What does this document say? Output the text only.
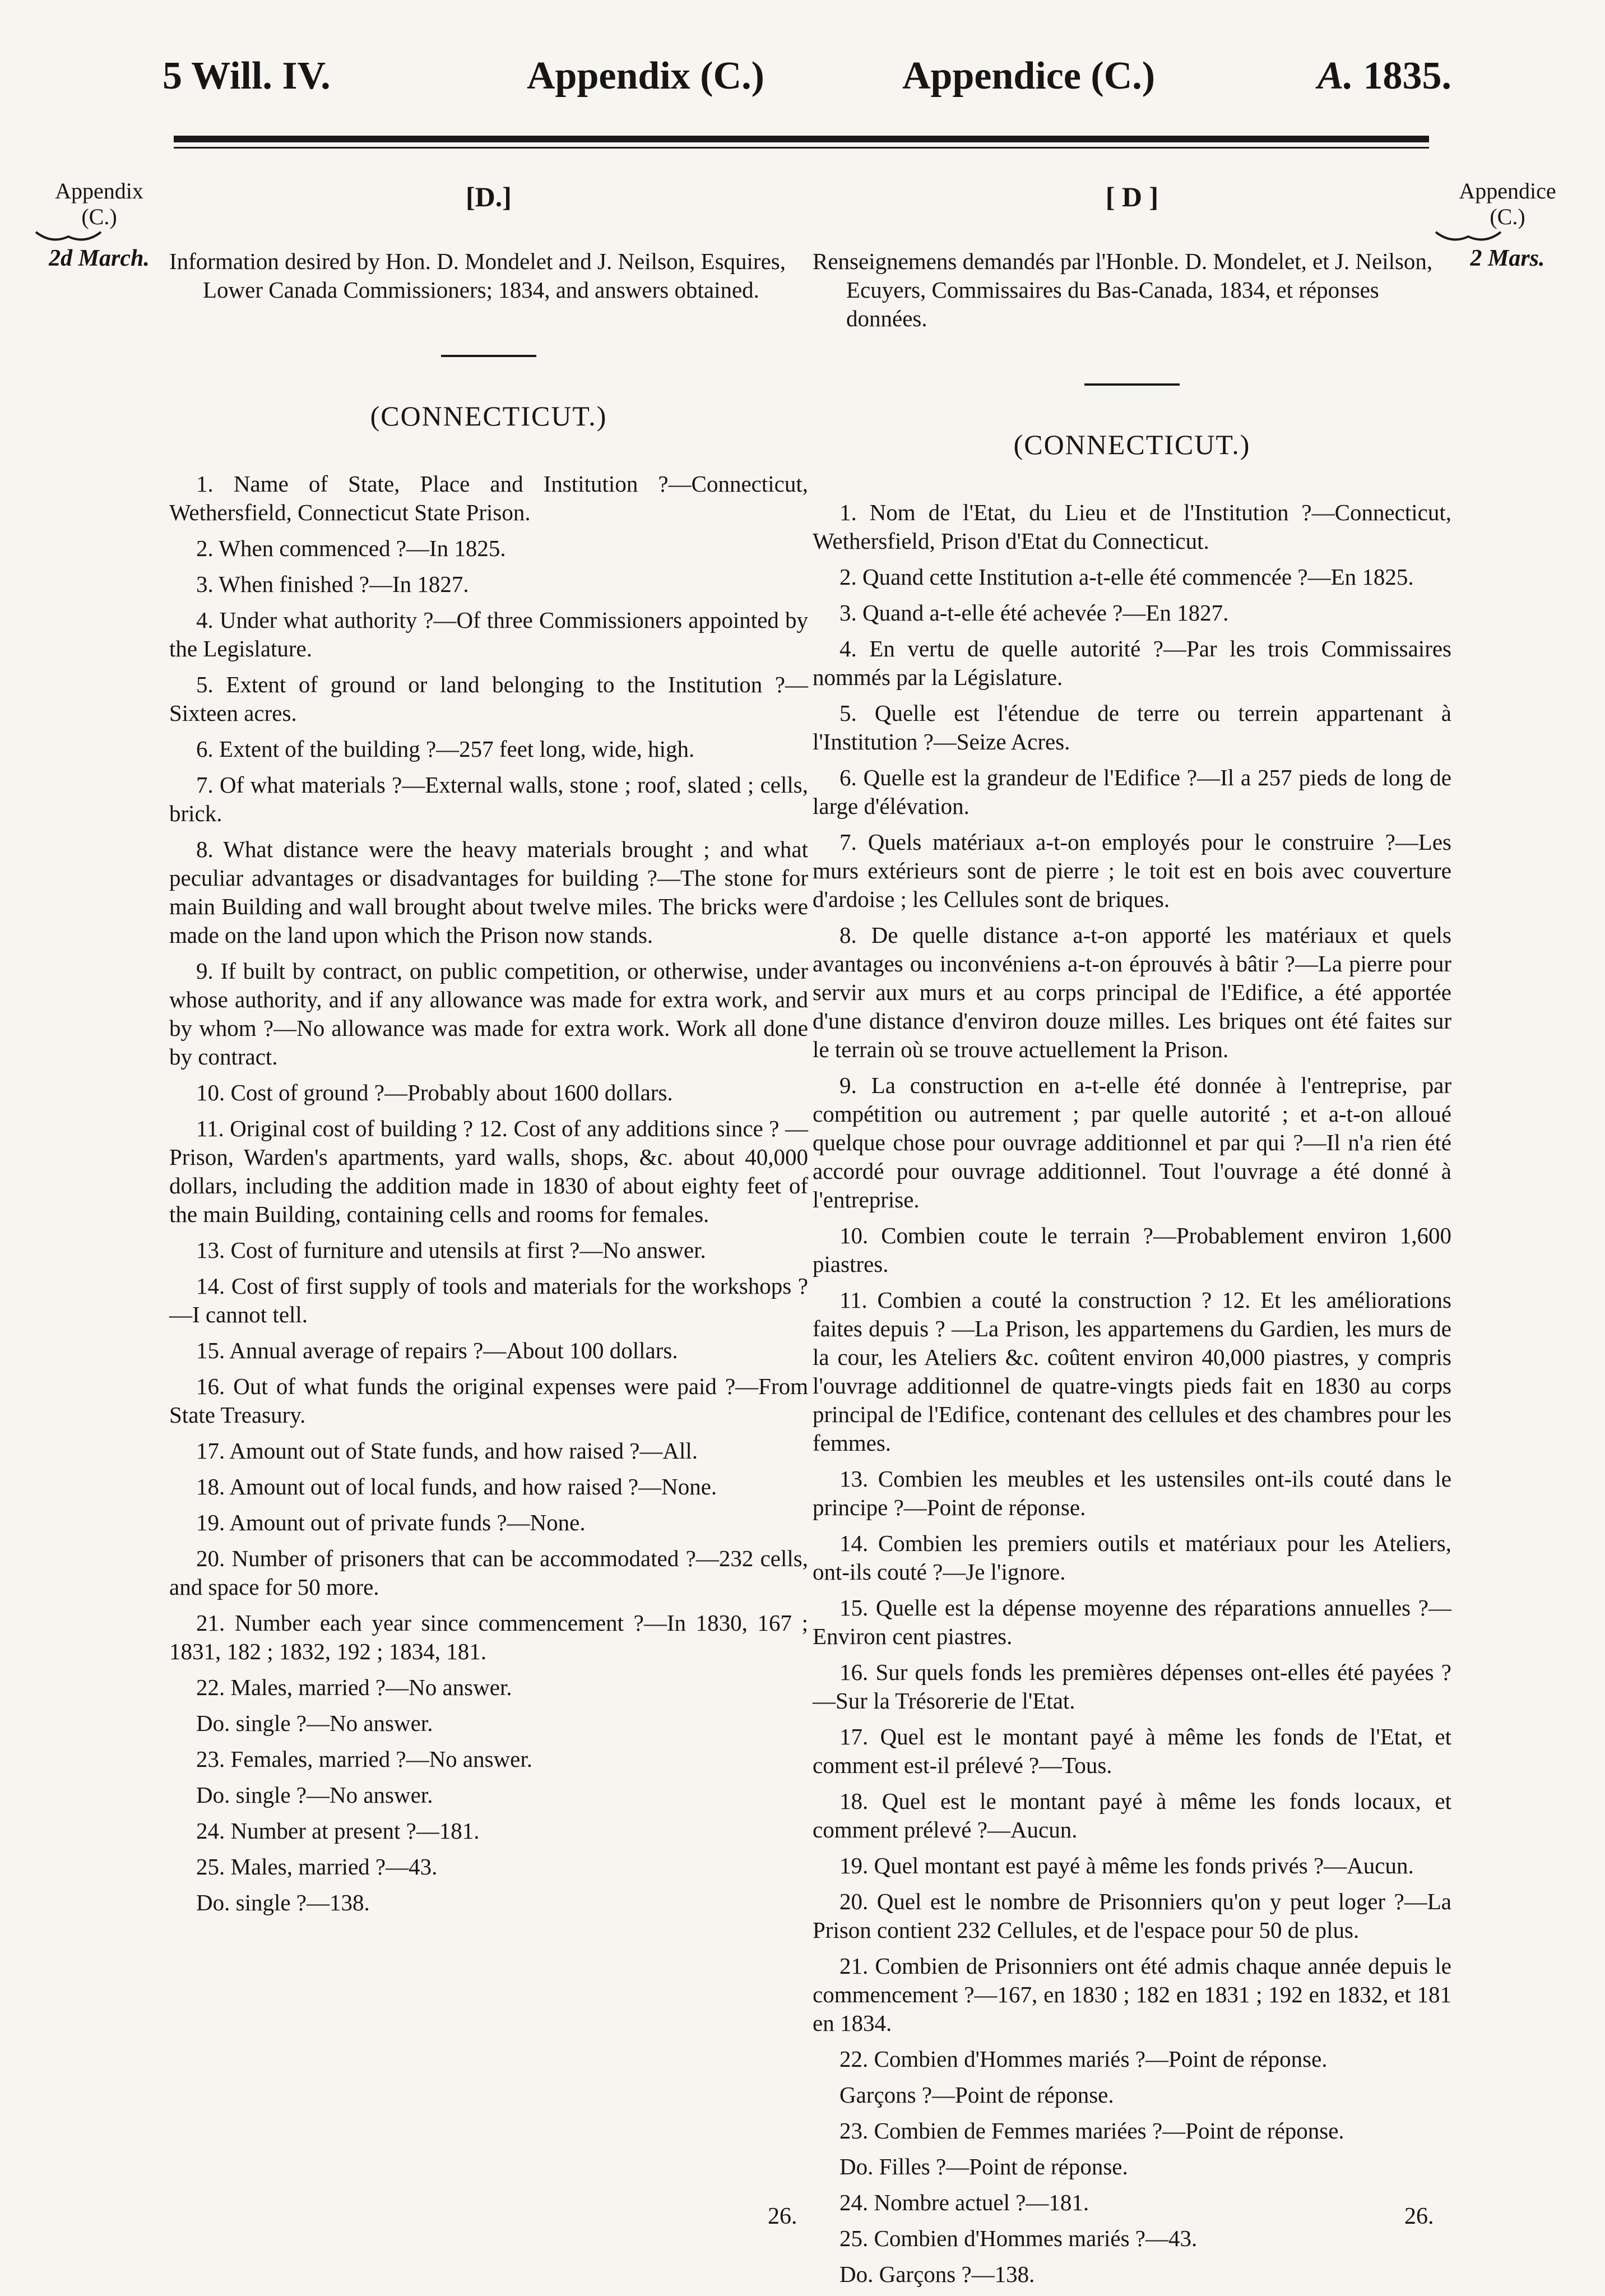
5 Will. IV.	Appendix (C.)	Appendice (C.)	A. 1835.
Appendix
(C.)
2d March.
Appendice
(C.)
2 Mars.
[D.]

Information desired by Hon. D. Mondelet and J. Neilson, Esquires, Lower Canada Commissioners; 1834, and answers obtained.

(CONNECTICUT.)

1. Name of State, Place and Institution ?—Connecticut, Wethersfield, Connecticut State Prison.

2. When commenced ?—In 1825.

3. When finished ?—In 1827.

4. Under what authority ?—Of three Commissioners appointed by the Legislature.

5. Extent of ground or land belonging to the Institution ?—Sixteen acres.

6. Extent of the building ?—257 feet long, wide, high.

7. Of what materials ?—External walls, stone ; roof, slated ; cells, brick.

8. What distance were the heavy materials brought ; and what peculiar advantages or disadvantages for building ?—The stone for main Building and wall brought about twelve miles. The bricks were made on the land upon which the Prison now stands.

9. If built by contract, on public competition, or otherwise, under whose authority, and if any allowance was made for extra work, and by whom ?—No allowance was made for extra work. Work all done by contract.

10. Cost of ground ?—Probably about 1600 dollars.

11. Original cost of building ? 12. Cost of any additions since ? —Prison, Warden's apartments, yard walls, shops, &c. about 40,000 dollars, including the addition made in 1830 of about eighty feet of the main Building, containing cells and rooms for females.

13. Cost of furniture and utensils at first ?—No answer.

14. Cost of first supply of tools and materials for the workshops ?—I cannot tell.

15. Annual average of repairs ?—About 100 dollars.

16. Out of what funds the original expenses were paid ?—From State Treasury.

17. Amount out of State funds, and how raised ?—All.

18. Amount out of local funds, and how raised ?—None.

19. Amount out of private funds ?—None.

20. Number of prisoners that can be accommodated ?—232 cells, and space for 50 more.

21. Number each year since commencement ?—In 1830, 167 ; 1831, 182 ; 1832, 192 ; 1834, 181.

22. Males, married ?—No answer.

Do. single ?—No answer.

23. Females, married ?—No answer.

Do. single ?—No answer.

24. Number at present ?—181.

25. Males, married ?—43.

Do. single ?—138.

[ D ]

Renseignemens demandés par l'Honble. D. Mondelet, et J. Neilson, Ecuyers, Commissaires du Bas-Canada, 1834, et réponses données.

(CONNECTICUT.)

1. Nom de l'Etat, du Lieu et de l'Institution ?—Connecticut, Wethersfield, Prison d'Etat du Connecticut.

2. Quand cette Institution a-t-elle été commencée ?—En 1825.

3. Quand a-t-elle été achevée ?—En 1827.

4. En vertu de quelle autorité ?—Par les trois Commissaires nommés par la Législature.

5. Quelle est l'étendue de terre ou terrein appartenant à l'Institution ?—Seize Acres.

6. Quelle est la grandeur de l'Edifice ?—Il a 257 pieds de long de large d'élévation.

7. Quels matériaux a-t-on employés pour le construire ?—Les murs extérieurs sont de pierre ; le toit est en bois avec couverture d'ardoise ; les Cellules sont de briques.

8. De quelle distance a-t-on apporté les matériaux et quels avantages ou inconvéniens a-t-on éprouvés à bâtir ?—La pierre pour servir aux murs et au corps principal de l'Edifice, a été apportée d'une distance d'environ douze milles. Les briques ont été faites sur le terrain où se trouve actuellement la Prison.

9. La construction en a-t-elle été donnée à l'entreprise, par compétition ou autrement ; par quelle autorité ; et a-t-on alloué quelque chose pour ouvrage additionnel et par qui ?—Il n'a rien été accordé pour ouvrage additionnel. Tout l'ouvrage a été donné à l'entreprise.

10. Combien coute le terrain ?—Probablement environ 1,600 piastres.

11. Combien a couté la construction ? 12. Et les améliorations faites depuis ? —La Prison, les appartemens du Gardien, les murs de la cour, les Ateliers &c. coûtent environ 40,000 piastres, y compris l'ouvrage additionnel de quatre-vingts pieds fait en 1830 au corps principal de l'Edifice, contenant des cellules et des chambres pour les femmes.

13. Combien les meubles et les ustensiles ont-ils couté dans le principe ?—Point de réponse.

14. Combien les premiers outils et matériaux pour les Ateliers, ont-ils couté ?—Je l'ignore.

15. Quelle est la dépense moyenne des réparations annuelles ?—Environ cent piastres.

16. Sur quels fonds les premières dépenses ont-elles été payées ?—Sur la Trésorerie de l'Etat.

17. Quel est le montant payé à même les fonds de l'Etat, et comment est-il prélevé ?—Tous.

18. Quel est le montant payé à même les fonds locaux, et comment prélevé ?—Aucun.

19. Quel montant est payé à même les fonds privés ?—Aucun.

20. Quel est le nombre de Prisonniers qu'on y peut loger ?—La Prison contient 232 Cellules, et de l'espace pour 50 de plus.

21. Combien de Prisonniers ont été admis chaque année depuis le commencement ?—167, en 1830 ; 182 en 1831 ; 192 en 1832, et 181 en 1834.

22. Combien d'Hommes mariés ?—Point de réponse.

Garçons ?—Point de réponse.

23. Combien de Femmes mariées ?—Point de réponse.

Do. Filles ?—Point de réponse.

24. Nombre actuel ?—181.

25. Combien d'Hommes mariés ?—43.

Do. Garçons ?—138.

26.	26.
